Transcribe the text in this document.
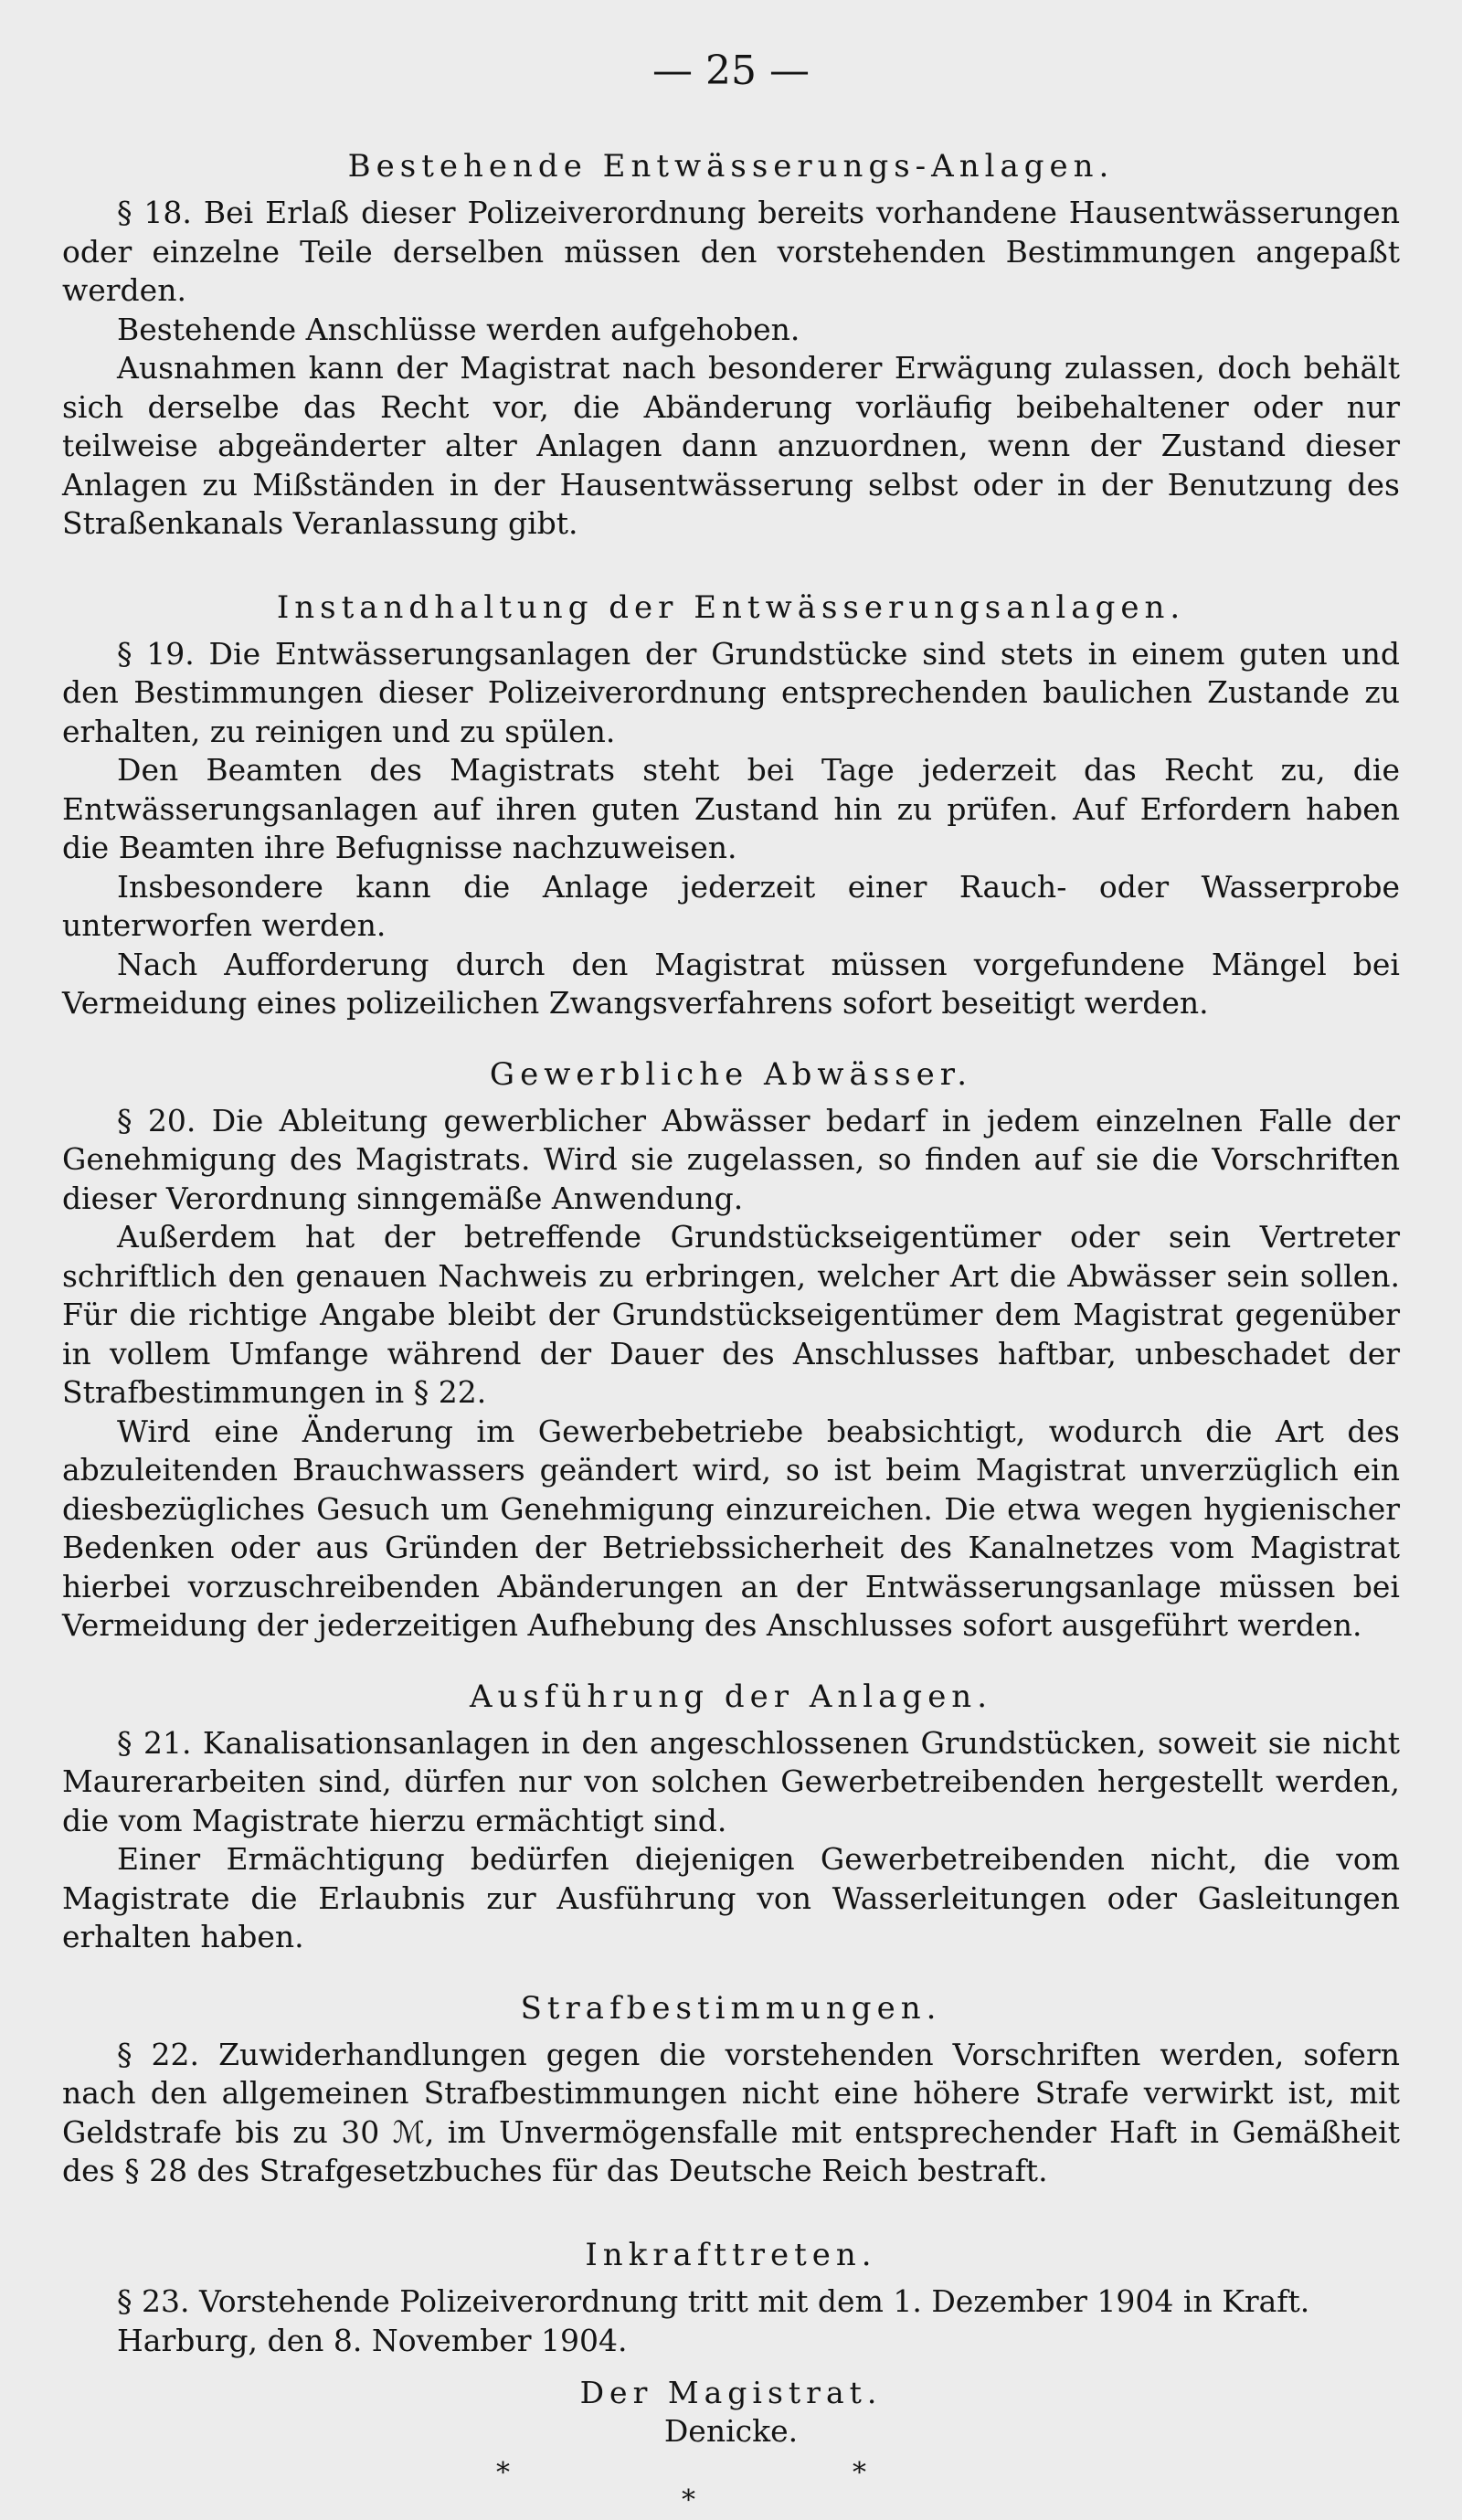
— 25 —
Bestehende Entwässerungs-Anlagen.

§ 18. Bei Erlaß dieser Polizeiverordnung bereits vorhandene Hausentwässerungen oder einzelne Teile derselben müssen den vorstehenden Bestimmungen angepaßt werden.

Bestehende Anschlüsse werden aufgehoben.

Ausnahmen kann der Magistrat nach besonderer Erwägung zulassen, doch behält sich derselbe das Recht vor, die Abänderung vorläufig beibehaltener oder nur teilweise abgeänderter alter Anlagen dann anzuordnen, wenn der Zustand dieser Anlagen zu Mißständen in der Hausentwässerung selbst oder in der Benutzung des Straßenkanals Veranlassung gibt.

Instandhaltung der Entwässerungsanlagen.

§ 19. Die Entwässerungsanlagen der Grundstücke sind stets in einem guten und den Bestimmungen dieser Polizeiverordnung entsprechenden baulichen Zustande zu erhalten, zu reinigen und zu spülen.

Den Beamten des Magistrats steht bei Tage jederzeit das Recht zu, die Entwässerungsanlagen auf ihren guten Zustand hin zu prüfen. Auf Erfordern haben die Beamten ihre Befugnisse nachzuweisen.

Insbesondere kann die Anlage jederzeit einer Rauch- oder Wasserprobe unterworfen werden.

Nach Aufforderung durch den Magistrat müssen vorgefundene Mängel bei Vermeidung eines polizeilichen Zwangsverfahrens sofort beseitigt werden.

Gewerbliche Abwässer.

§ 20. Die Ableitung gewerblicher Abwässer bedarf in jedem einzelnen Falle der Genehmigung des Magistrats. Wird sie zugelassen, so finden auf sie die Vorschriften dieser Verordnung sinngemäße Anwendung.

Außerdem hat der betreffende Grundstückseigentümer oder sein Vertreter schriftlich den genauen Nachweis zu erbringen, welcher Art die Abwässer sein sollen. Für die richtige Angabe bleibt der Grundstückseigentümer dem Magistrat gegenüber in vollem Umfange während der Dauer des Anschlusses haftbar, unbeschadet der Strafbestimmungen in § 22.

Wird eine Änderung im Gewerbebetriebe beabsichtigt, wodurch die Art des abzuleitenden Brauchwassers geändert wird, so ist beim Magistrat unverzüglich ein diesbezügliches Gesuch um Genehmigung einzureichen. Die etwa wegen hygienischer Bedenken oder aus Gründen der Betriebssicherheit des Kanalnetzes vom Magistrat hierbei vorzuschreibenden Abänderungen an der Entwässerungsanlage müssen bei Vermeidung der jederzeitigen Aufhebung des Anschlusses sofort ausgeführt werden.

Ausführung der Anlagen.

§ 21. Kanalisationsanlagen in den angeschlossenen Grundstücken, soweit sie nicht Maurerarbeiten sind, dürfen nur von solchen Gewerbetreibenden hergestellt werden, die vom Magistrate hierzu ermächtigt sind.

Einer Ermächtigung bedürfen diejenigen Gewerbetreibenden nicht, die vom Magistrate die Erlaubnis zur Ausführung von Wasserleitungen oder Gasleitungen erhalten haben.

Strafbestimmungen.

§ 22. Zuwiderhandlungen gegen die vorstehenden Vorschriften werden, sofern nach den allgemeinen Strafbestimmungen nicht eine höhere Strafe verwirkt ist, mit Geldstrafe bis zu 30 ℳ, im Unvermögensfalle mit entsprechender Haft in Gemäßheit des § 28 des Strafgesetzbuches für das Deutsche Reich bestraft.

Inkrafttreten.

§ 23. Vorstehende Polizeiverordnung tritt mit dem 1. Dezember 1904 in Kraft.

Harburg, den 8. November 1904.
Der Magistrat.
Denicke.
*
*
*
